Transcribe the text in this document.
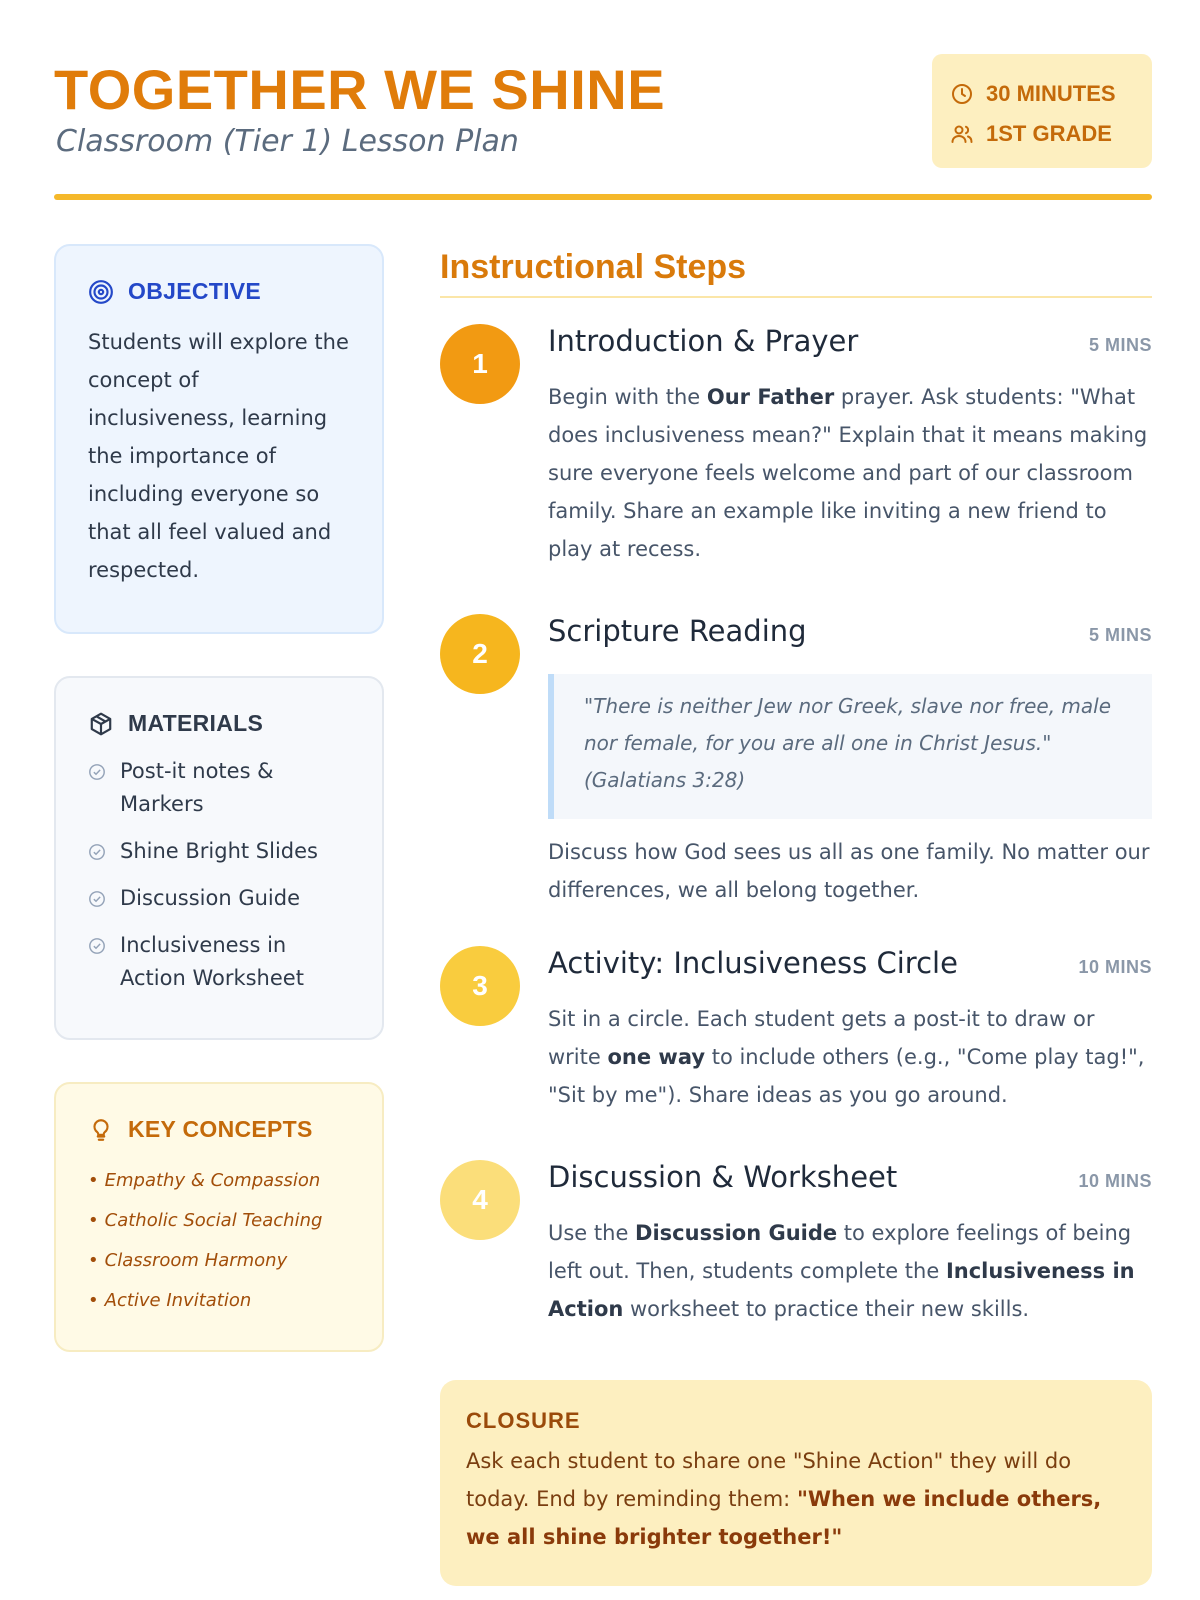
TOGETHER WE SHINE
Classroom (Tier 1) Lesson Plan
30 MINUTES
1ST GRADE
OBJECTIVE

Students will explore the concept of inclusiveness, learning the importance of including everyone so that all feel valued and respected.

MATERIALS
Post-it notes & Markers
Shine Bright Slides
Discussion Guide
Inclusiveness in Action Worksheet
KEY CONCEPTS
• Empathy & Compassion
• Catholic Social Teaching
• Classroom Harmony
• Active Invitation
Instructional Steps
1
Introduction & Prayer	5 MINS

Begin with the Our Father prayer. Ask students: "What does inclusiveness mean?" Explain that it means making sure everyone feels welcome and part of our classroom family. Share an example like inviting a new friend to play at recess.

2
Scripture Reading	5 MINS
"There is neither Jew nor Greek, slave nor free, male nor female, for you are all one in Christ Jesus." (Galatians 3:28)

Discuss how God sees us all as one family. No matter our differences, we all belong together.

3
Activity: Inclusiveness Circle	10 MINS

Sit in a circle. Each student gets a post-it to draw or write one way to include others (e.g., "Come play tag!", "Sit by me"). Share ideas as you go around.

4
Discussion & Worksheet	10 MINS

Use the Discussion Guide to explore feelings of being left out. Then, students complete the Inclusiveness in Action worksheet to practice their new skills.

CLOSURE

Ask each student to share one "Shine Action" they will do today. End by reminding them: "When we include others, we all shine brighter together!"
